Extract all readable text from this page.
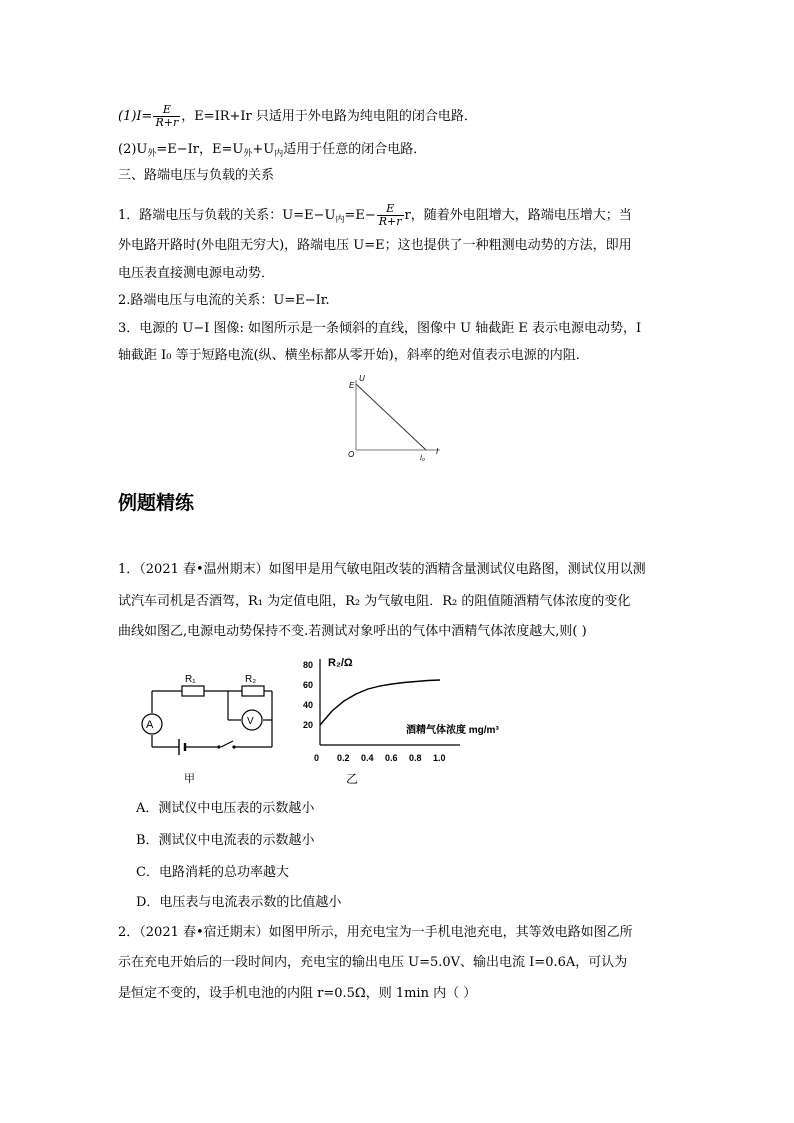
$(1)I= \frac{E}{R+r}$ ，E=IR+Ir 只适用于外电路为纯电阻的闭合电路．
$(2)U_外=E-Ir$，$E=U_外+U_内$适用于任意的闭合电路．
三、路端电压与负载的关系
1．路端电压与负载的关系：$U=E-U_内=E- \frac{E}{R+r}$ r，随着外电阻增大，路端电压增大；当
外电路开路时(外电阻无穷大)，路端电压 U=E；这也提供了一种粗测电动势的方法，即用
电压表直接测电源电动势．
2.路端电压与电流的关系：U=E−Ir.
3．电源的 U−I 图像: 如图所示是一条倾斜的直线，图像中 U 轴截距 E 表示电源电动势，I
轴截距 I₀ 等于短路电流(纵、横坐标都从零开始)，斜率的绝对值表示电源的内阻．
U
E
O	I₀
I
例题精练
1．（2021 春•温州期末）如图甲是用气敏电阻改装的酒精含量测试仪电路图，测试仪用以测
试汽车司机是否酒驾，R₁ 为定值电阻，R₂ 为气敏电阻．R₂ 的阻值随酒精气体浓度的变化
曲线如图乙,电源电动势保持不变.若测试对象呼出的气体中酒精气体浓度越大,则( )
A	V
R₁	R₂
甲
R₂/Ω
酒精气体浓度 mg/m³
乙
20
40
60
80
0 0.2 0.4 0.6 0.8 1.0
A．测试仪中电压表的示数越小
B．测试仪中电流表的示数越小
C．电路消耗的总功率越大
D．电压表与电流表示数的比值越小
2．（2021 春•宿迁期末）如图甲所示，用充电宝为一手机电池充电，其等效电路如图乙所
示在充电开始后的一段时间内，充电宝的输出电压 U=5.0V、输出电流 I=0.6A，可认为
是恒定不变的，设手机电池的内阻 r=0.5Ω，则 1min 内（ ）
